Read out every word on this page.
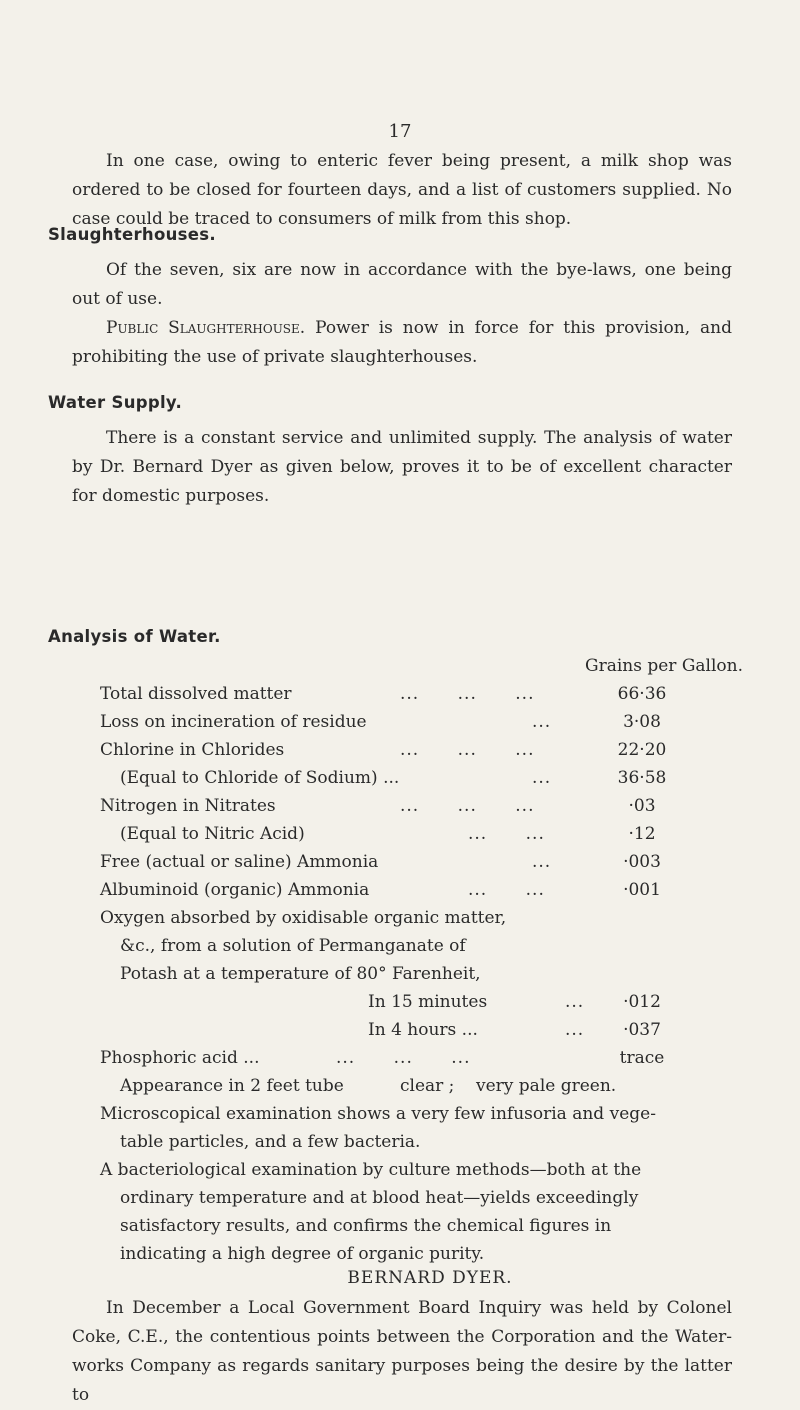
17

In one case, owing to enteric fever being present, a milk shop was ordered to be closed for fourteen days, and a list of customers supplied. No case could be traced to consumers of milk from this shop.

Slaughterhouses.

Of the seven, six are now in accordance with the bye-laws, one being out of use.

Public Slaughterhouse. Power is now in force for this provision, and prohibiting the use of private slaughterhouses.

Water Supply.

There is a constant service and unlimited supply. The analysis of water by Dr. Bernard Dyer as given below, proves it to be of excellent character for domestic purposes.

Analysis of Water.
Grains per Gallon.
Total dissolved matter	...      ...      ...	66·36
Loss on incineration of residue	...	3·08
Chlorine in Chlorides	...      ...      ...	22·20
(Equal to Chloride of Sodium) ...	...	36·58
Nitrogen in Nitrates	...      ...      ...	·03
(Equal to Nitric Acid)	...      ...	·12
Free (actual or saline) Ammonia	...	·003
Albuminoid (organic) Ammonia	...      ...	·001
Oxygen absorbed by oxidisable organic matter,
&c., from a solution of Permanganate of
Potash at a temperature of 80° Farenheit,
In 15 minutes	...	·012
In 4 hours ...	...	·037
Phosphoric acid ...	...      ...      ...	trace
Appearance in 2 feet tube	clear ; very pale green.
Microscopical examination shows a very few infusoria and vege-
table particles, and a few bacteria.
A bacteriological examination by culture methods—both at the
ordinary temperature and at blood heat—yields exceedingly
satisfactory results, and confirms the chemical figures in
indicating a high degree of organic purity.
BERNARD DYER.

In December a Local Government Board Inquiry was held by Colonel Coke, C.E., the contentious points between the Corporation and the Water-works Company as regards sanitary purposes being the desire by the latter to
